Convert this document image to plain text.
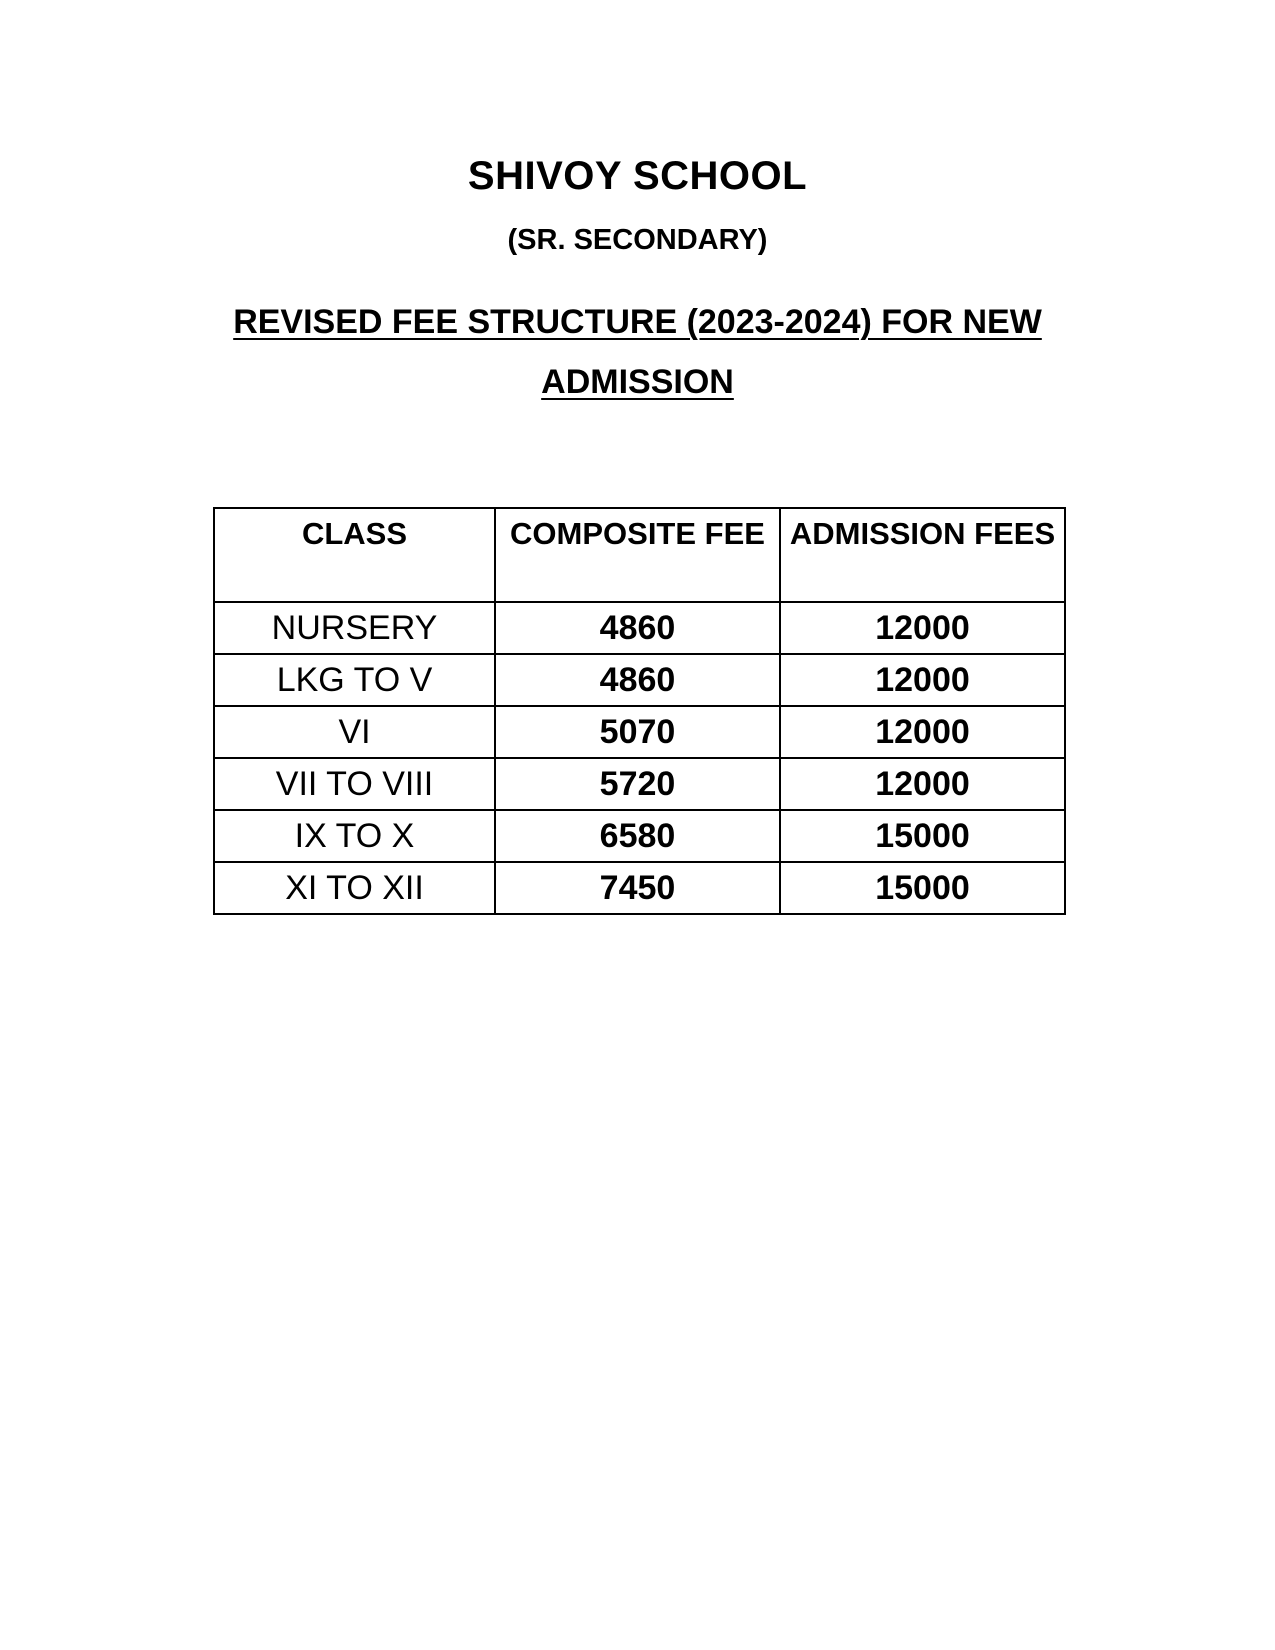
SHIVOY SCHOOL
(SR. SECONDARY)
REVISED FEE STRUCTURE (2023-2024) FOR NEW ADMISSION
CLASS	COMPOSITE FEE	ADMISSION FEES
NURSERY	4860	12000
LKG TO V	4860	12000
VI	5070	12000
VII TO VIII	5720	12000
IX TO X	6580	15000
XI TO XII	7450	15000
